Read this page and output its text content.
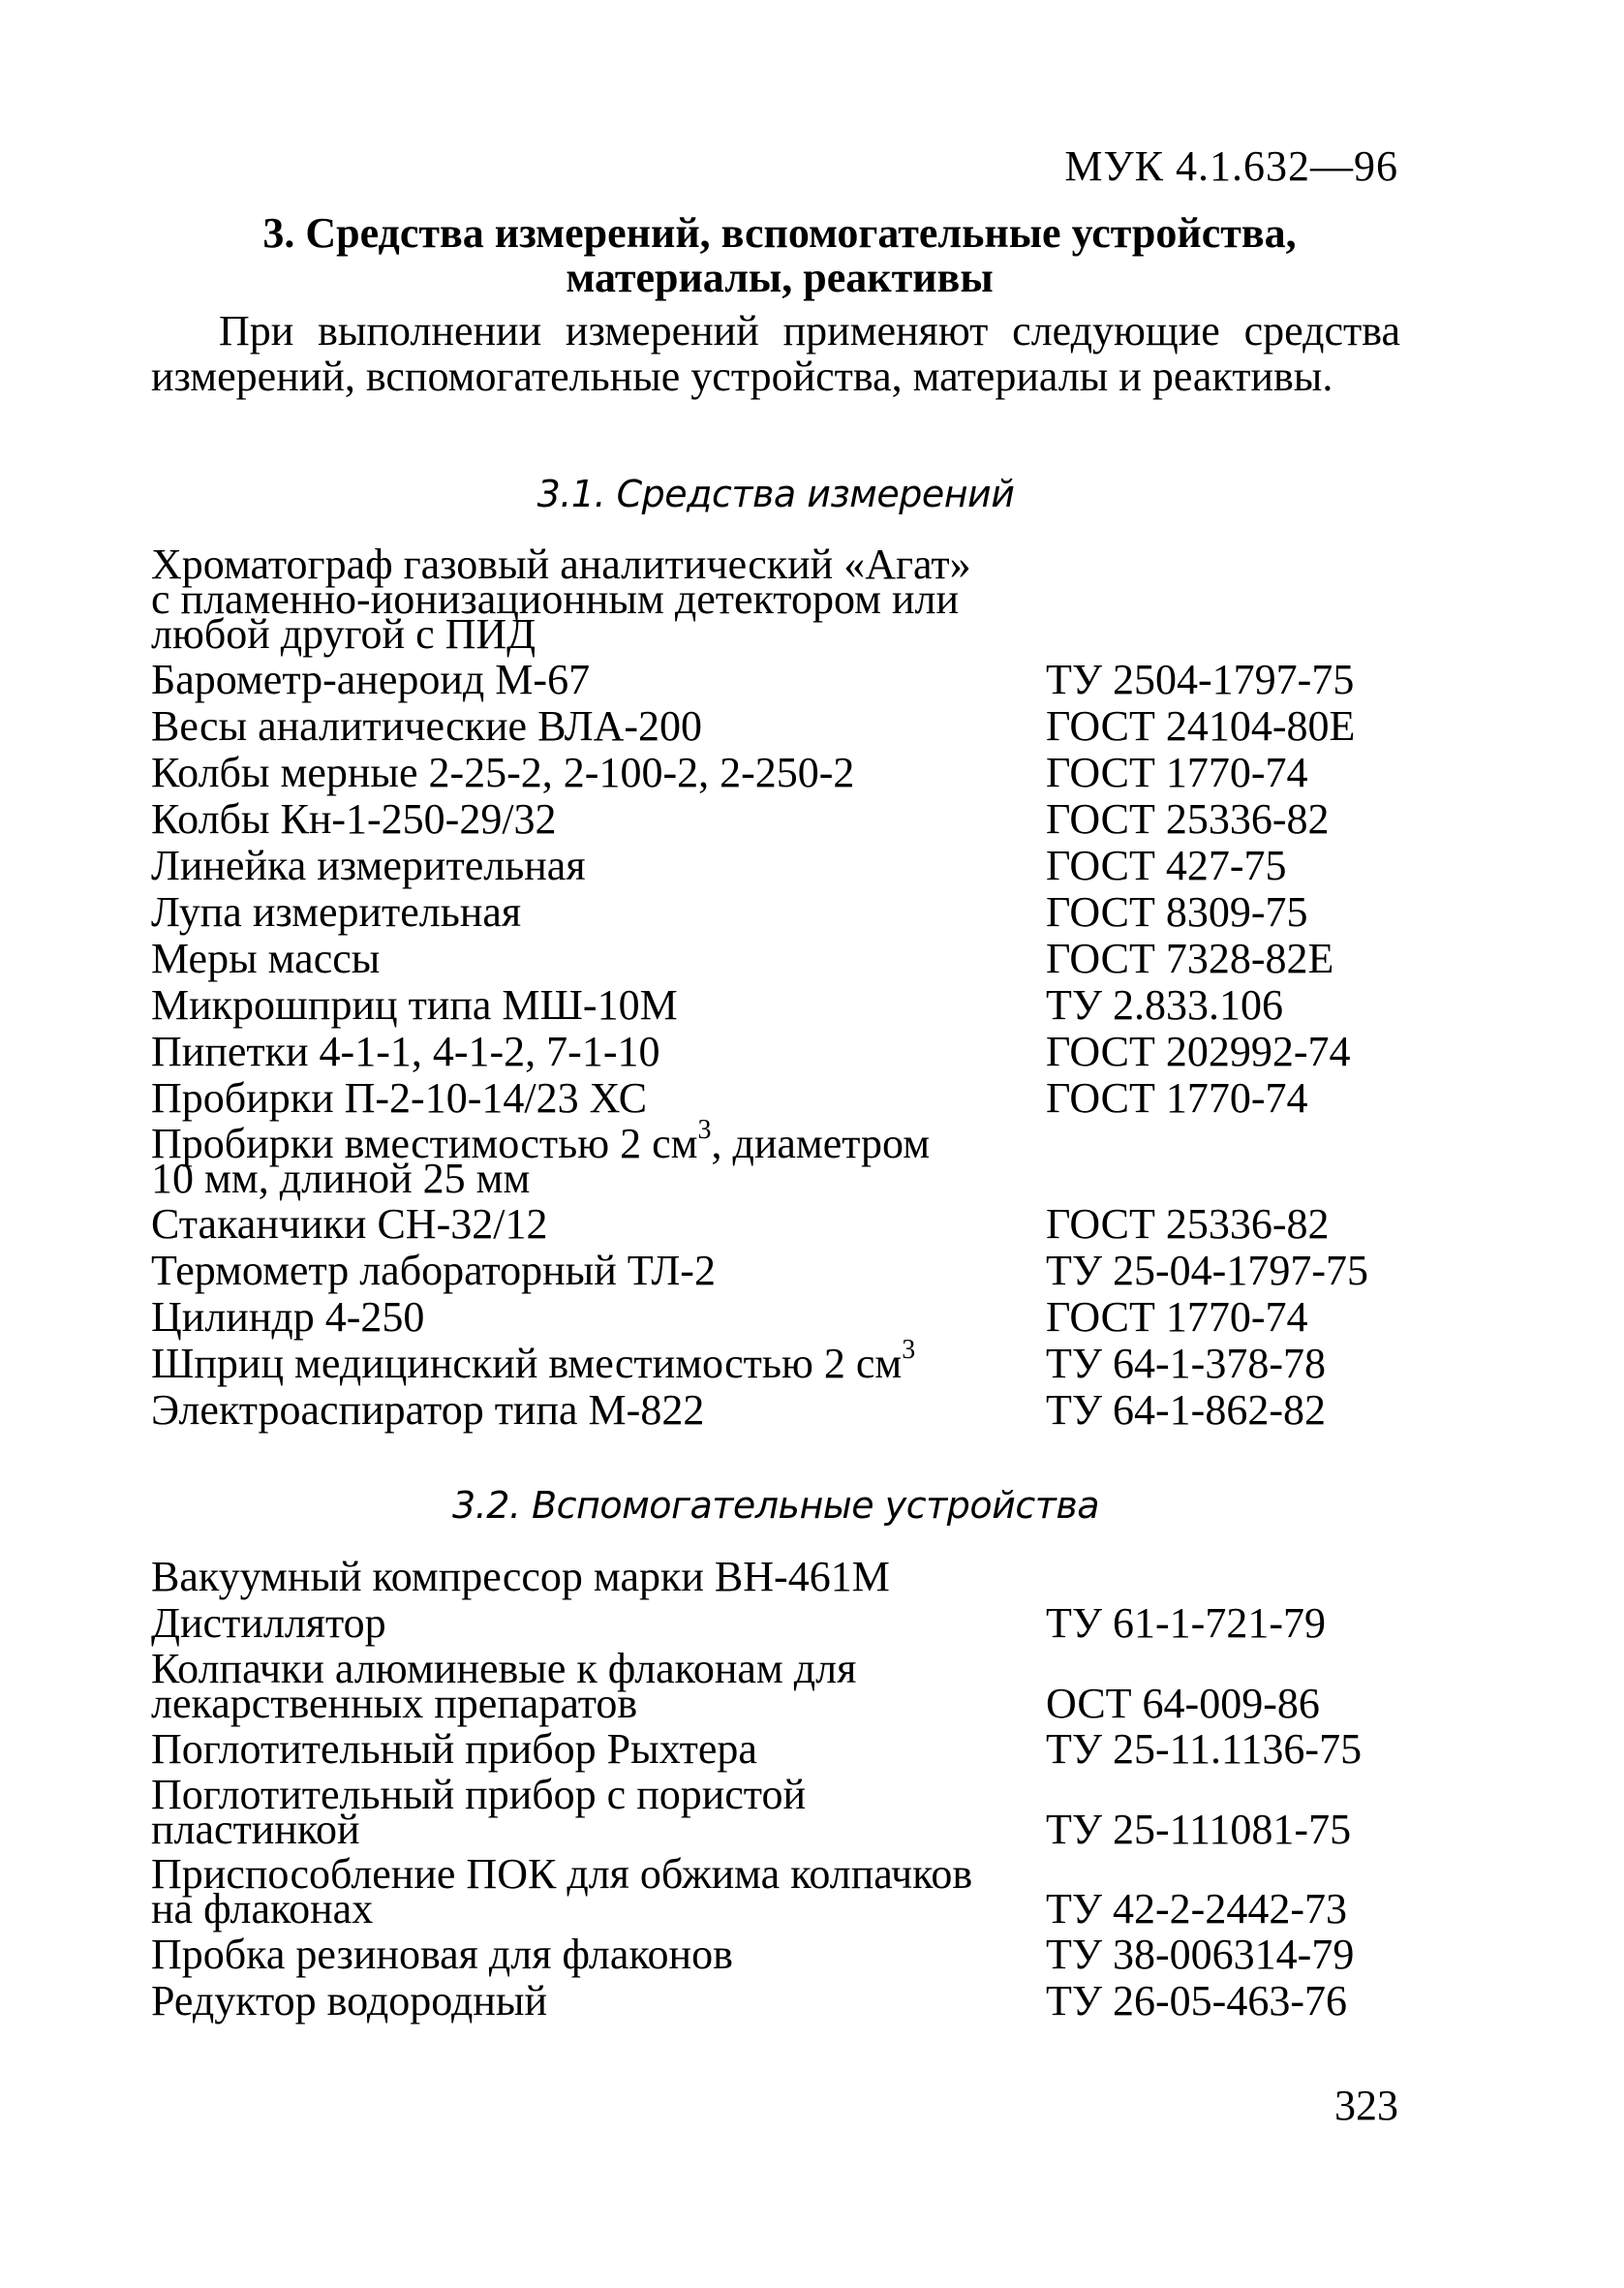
МУК 4.1.632—96
3. Средства измерений, вспомогательные устройства,
материалы, реактивы

При выполнении измерений применяют следующие средства измерений, вспомогательные устройства, материалы и реактивы.

3.1. Средства измерений
Хроматограф газовый аналитический «Агат»
с пламенно-ионизационным детектором или
любой другой с ПИД
Барометр-анероид М-67	ТУ 2504-1797-75
Весы аналитические ВЛА-200	ГОСТ 24104-80Е
Колбы мерные 2-25-2, 2-100-2, 2-250-2	ГОСТ 1770-74
Колбы Кн-1-250-29/32	ГОСТ 25336-82
Линейка измерительная	ГОСТ 427-75
Лупа измерительная	ГОСТ 8309-75
Меры массы	ГОСТ 7328-82Е
Микрошприц типа МШ-10М	ТУ 2.833.106
Пипетки 4-1-1, 4-1-2, 7-1-10	ГОСТ 202992-74
Пробирки П-2-10-14/23 ХС	ГОСТ 1770-74
Пробирки вместимостью 2 $см^3$, диаметром
10 мм, длиной 25 мм
Стаканчики СН-32/12	ГОСТ 25336-82
Термометр лабораторный ТЛ-2	ТУ 25-04-1797-75
Цилиндр 4-250	ГОСТ 1770-74
Шприц медицинский вместимостью 2 $см^3$	ТУ 64-1-378-78
Электроаспиратор типа М-822	ТУ 64-1-862-82
3.2. Вспомогательные устройства
Вакуумный компрессор марки ВН-461М
Дистиллятор	ТУ 61-1-721-79
Колпачки алюминевые к флаконам для
лекарственных препаратов	ОСТ 64-009-86
Поглотительный прибор Рыхтера	ТУ 25-11.1136-75
Поглотительный прибор с пористой
пластинкой	ТУ 25-111081-75
Приспособление ПОК для обжима колпачков
на флаконах	ТУ 42-2-2442-73
Пробка резиновая для флаконов	ТУ 38-006314-79
Редуктор водородный	ТУ 26-05-463-76
323
